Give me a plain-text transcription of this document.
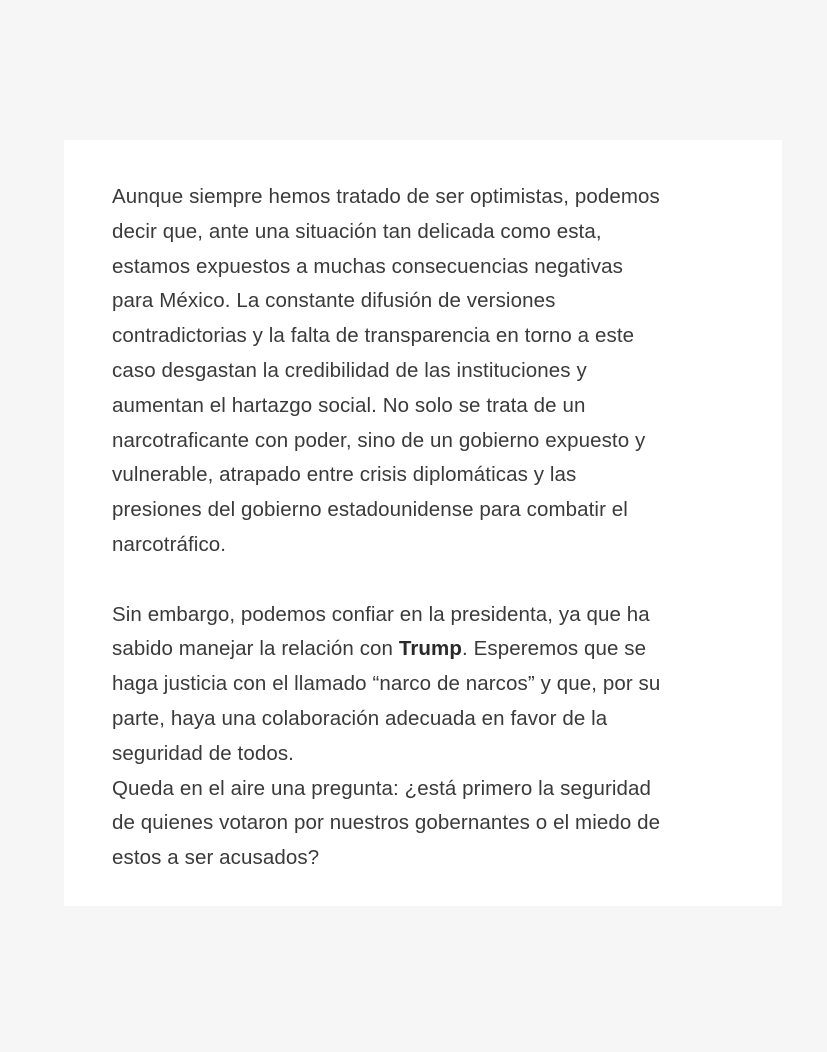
Aunque siempre hemos tratado de ser optimistas, podemos
decir que, ante una situación tan delicada como esta,
estamos expuestos a muchas consecuencias negativas
para México. La constante difusión de versiones
contradictorias y la falta de transparencia en torno a este
caso desgastan la credibilidad de las instituciones y
aumentan el hartazgo social. No solo se trata de un
narcotraficante con poder, sino de un gobierno expuesto y
vulnerable, atrapado entre crisis diplomáticas y las
presiones del gobierno estadounidense para combatir el
narcotráfico.

Sin embargo, podemos confiar en la presidenta, ya que ha
sabido manejar la relación con Trump. Esperemos que se
haga justicia con el llamado “narco de narcos” y que, por su
parte, haya una colaboración adecuada en favor de la
seguridad de todos.
Queda en el aire una pregunta: ¿está primero la seguridad
de quienes votaron por nuestros gobernantes o el miedo de
estos a ser acusados?
